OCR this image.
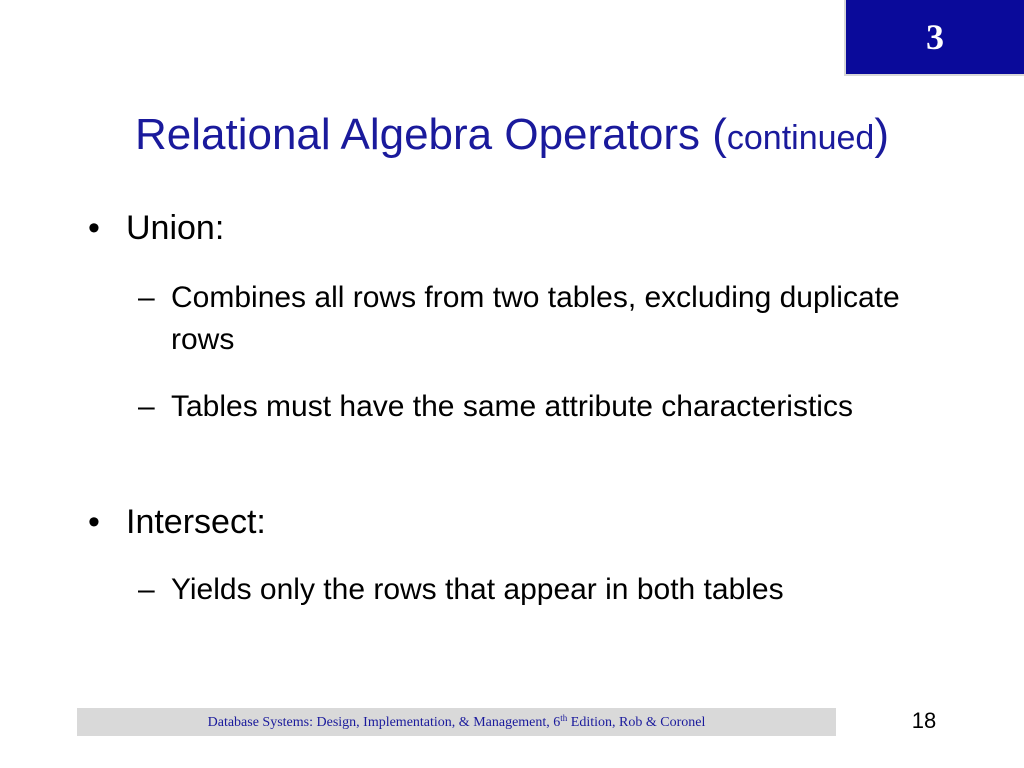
3
Relational Algebra Operators (continued)
• Union:
– Combines all rows from two tables, excluding duplicate rows
– Tables must have the same attribute characteristics
• Intersect:
– Yields only the rows that appear in both tables
Database Systems: Design, Implementation, & Management, 6th Edition, Rob & Coronel	18
